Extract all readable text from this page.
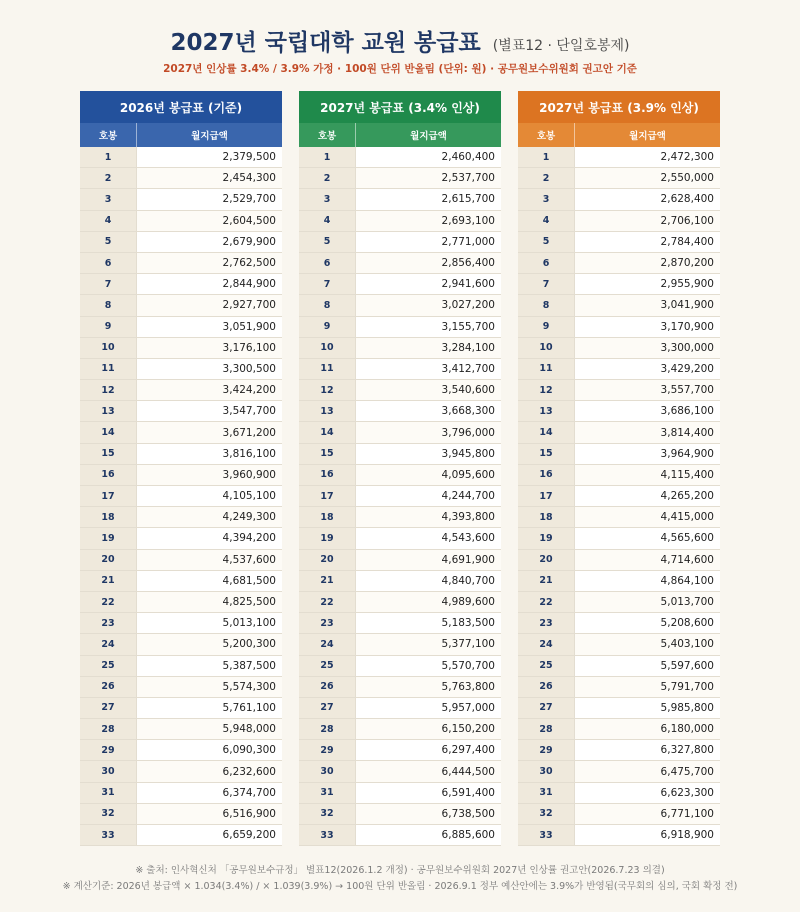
2027년 국립대학 교원 봉급표 (별표12 · 단일호봉제)
2027년 인상률 3.4% / 3.9% 가정 · 100원 단위 반올림 (단위: 원) · 공무원보수위원회 권고안 기준
2026년 봉급표 (기준)
호봉	월지급액
1	2,379,500
2	2,454,300
3	2,529,700
4	2,604,500
5	2,679,900
6	2,762,500
7	2,844,900
8	2,927,700
9	3,051,900
10	3,176,100
11	3,300,500
12	3,424,200
13	3,547,700
14	3,671,200
15	3,816,100
16	3,960,900
17	4,105,100
18	4,249,300
19	4,394,200
20	4,537,600
21	4,681,500
22	4,825,500
23	5,013,100
24	5,200,300
25	5,387,500
26	5,574,300
27	5,761,100
28	5,948,000
29	6,090,300
30	6,232,600
31	6,374,700
32	6,516,900
33	6,659,200
2027년 봉급표 (3.4% 인상)
호봉	월지급액
1	2,460,400
2	2,537,700
3	2,615,700
4	2,693,100
5	2,771,000
6	2,856,400
7	2,941,600
8	3,027,200
9	3,155,700
10	3,284,100
11	3,412,700
12	3,540,600
13	3,668,300
14	3,796,000
15	3,945,800
16	4,095,600
17	4,244,700
18	4,393,800
19	4,543,600
20	4,691,900
21	4,840,700
22	4,989,600
23	5,183,500
24	5,377,100
25	5,570,700
26	5,763,800
27	5,957,000
28	6,150,200
29	6,297,400
30	6,444,500
31	6,591,400
32	6,738,500
33	6,885,600
2027년 봉급표 (3.9% 인상)
호봉	월지급액
1	2,472,300
2	2,550,000
3	2,628,400
4	2,706,100
5	2,784,400
6	2,870,200
7	2,955,900
8	3,041,900
9	3,170,900
10	3,300,000
11	3,429,200
12	3,557,700
13	3,686,100
14	3,814,400
15	3,964,900
16	4,115,400
17	4,265,200
18	4,415,000
19	4,565,600
20	4,714,600
21	4,864,100
22	5,013,700
23	5,208,600
24	5,403,100
25	5,597,600
26	5,791,700
27	5,985,800
28	6,180,000
29	6,327,800
30	6,475,700
31	6,623,300
32	6,771,100
33	6,918,900
※ 출처: 인사혁신처 「공무원보수규정」 별표12(2026.1.2 개정) · 공무원보수위원회 2027년 인상률 권고안(2026.7.23 의결)
※ 계산기준: 2026년 봉급액 × 1.034(3.4%) / × 1.039(3.9%) → 100원 단위 반올림 · 2026.9.1 정부 예산안에는 3.9%가 반영됨(국무회의 심의, 국회 확정 전)
